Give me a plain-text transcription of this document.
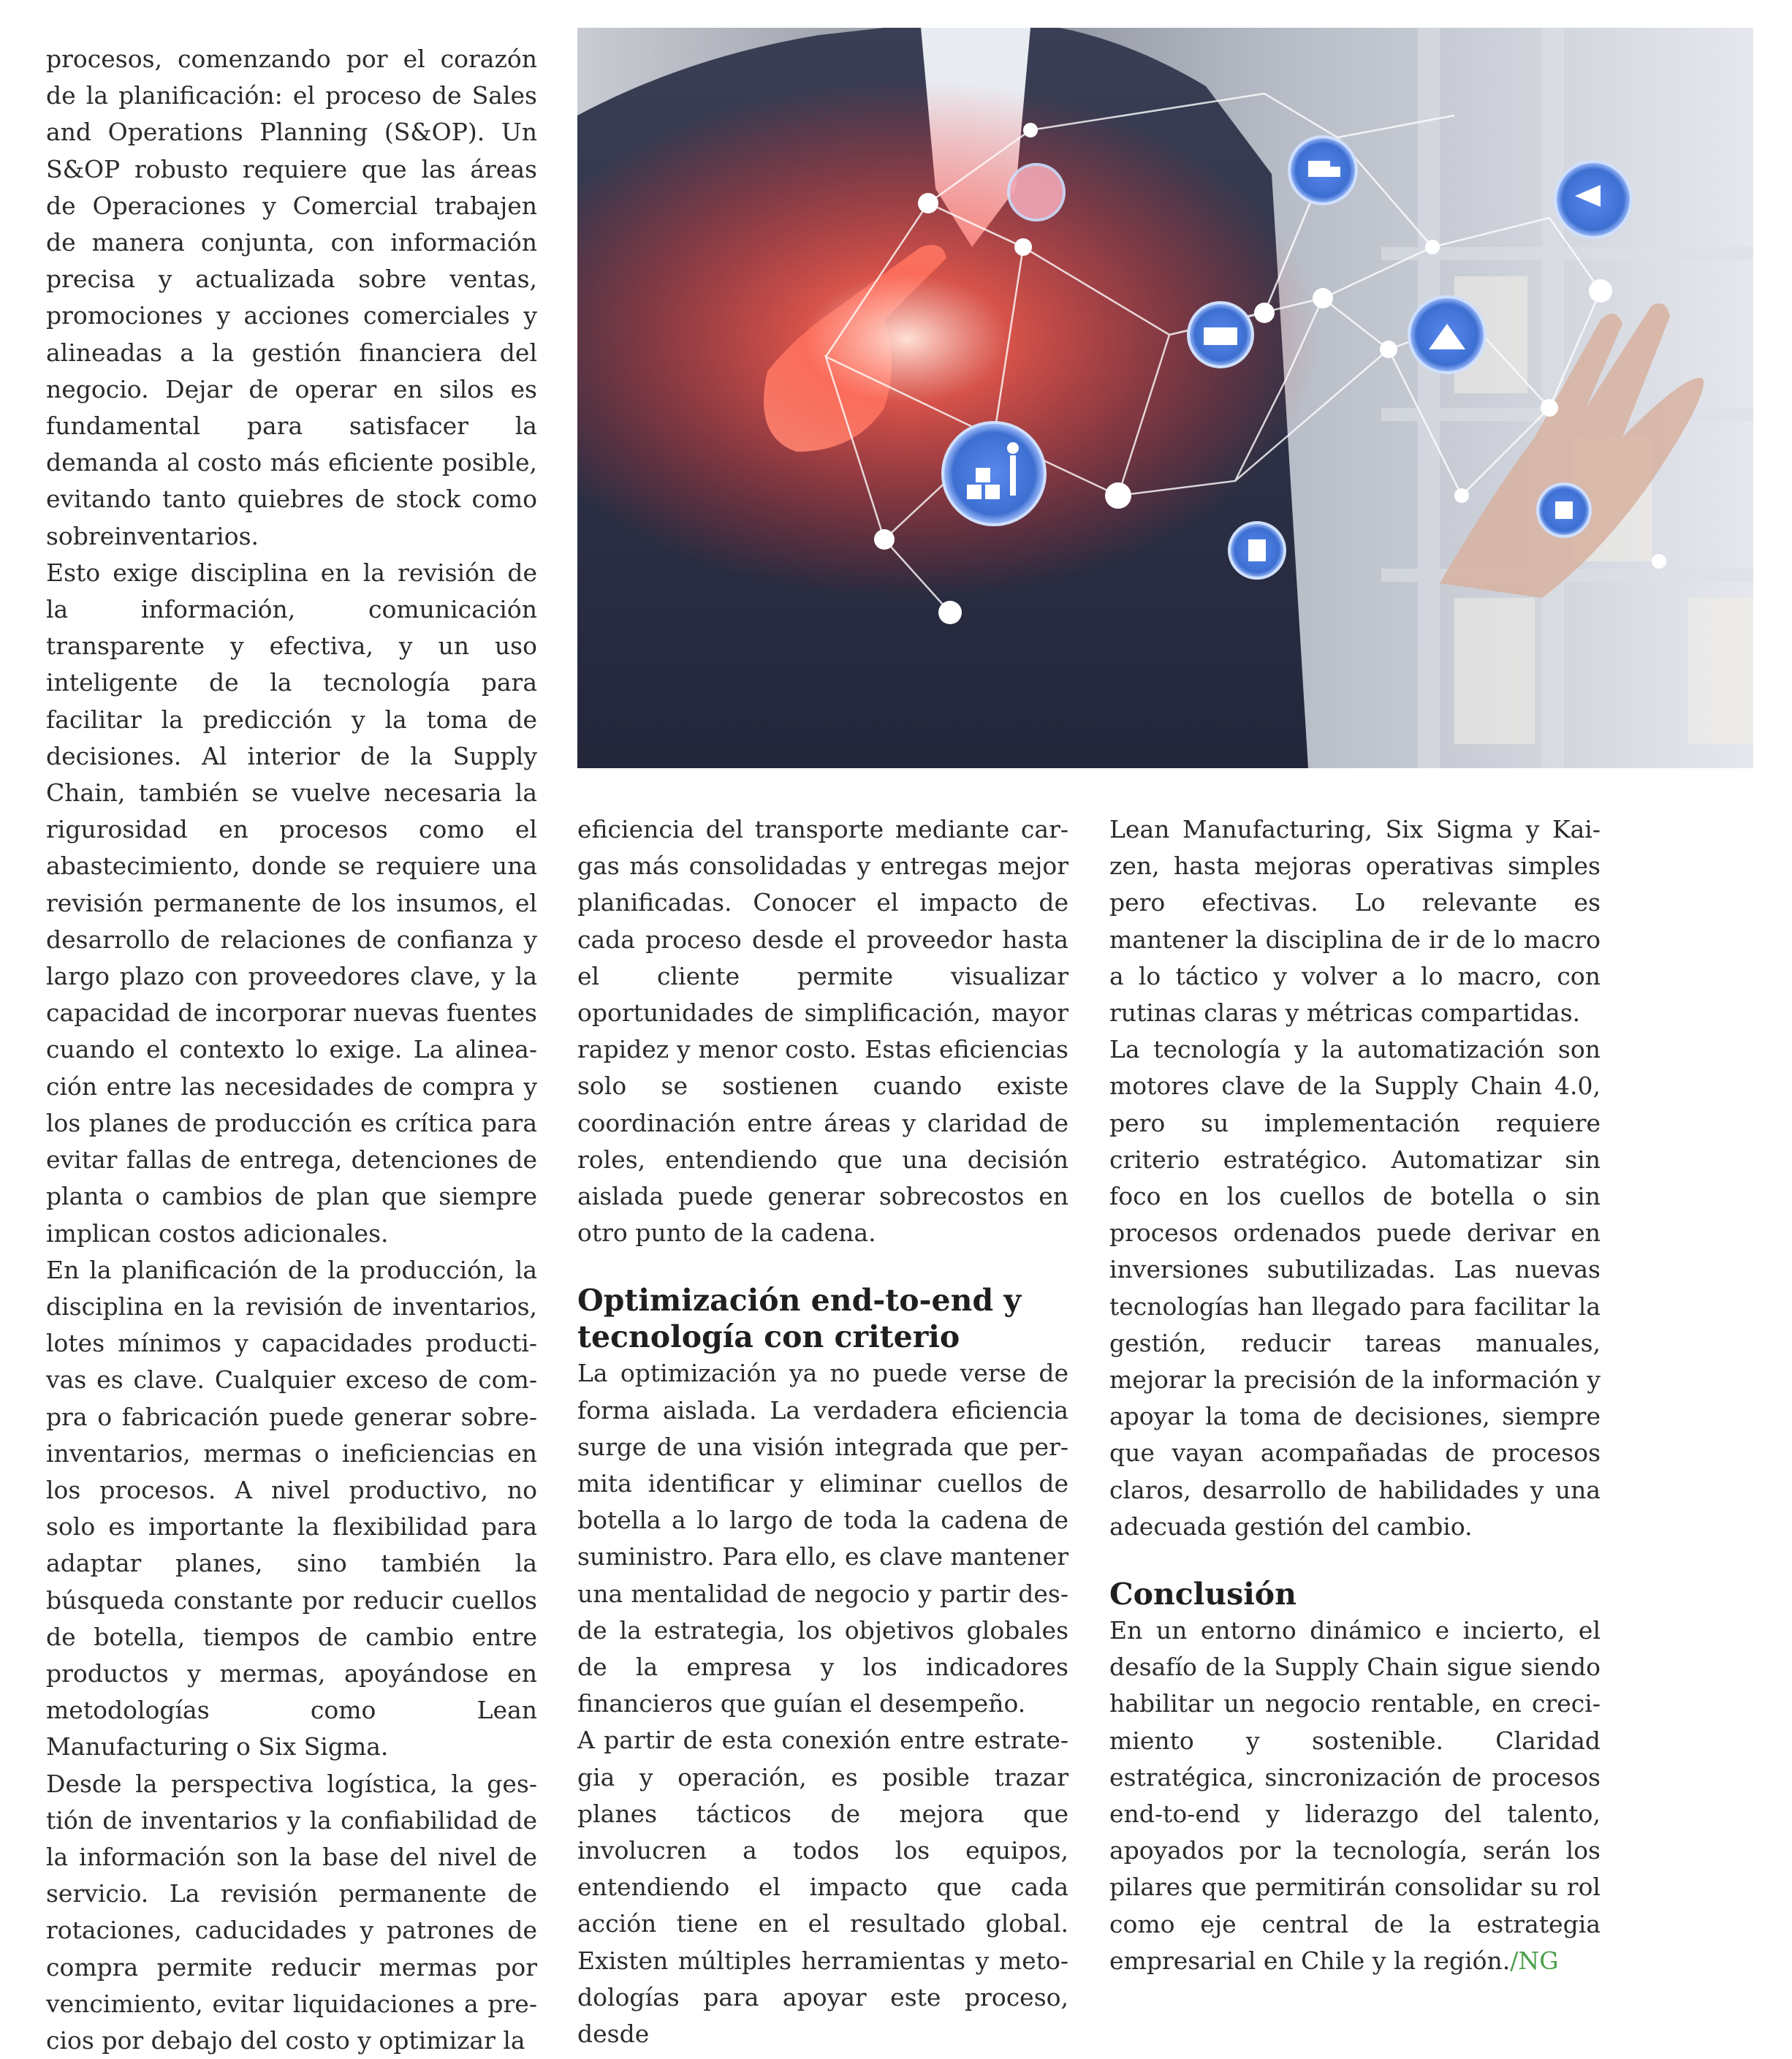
procesos, comenzando por el corazón de la planificación: el proceso de Sales and Operations Planning (S&OP). Un S&OP robusto requiere que las áreas de Operaciones y Comercial trabajen de manera conjunta, con información precisa y actualizada sobre ventas, promociones y acciones comerciales y alineadas a la gestión financiera del negocio. Dejar de operar en silos es fundamental para satisfacer la demanda al costo más eficiente posible, evitando tanto quiebres de stock como sobreinventarios.

Esto exige disciplina en la revisión de la información, comunicación transparente y efectiva, y un uso inteligente de la tecnología para facilitar la predicción y la toma de decisiones. Al interior de la Supply Chain, también se vuelve necesaria la rigurosidad en procesos como el abastecimiento, donde se requiere una revisión permanente de los insumos, el desarrollo de relaciones de confianza y largo plazo con proveedores clave, y la capacidad de incorporar nuevas fuentes cuando el contexto lo exige. La alineación entre las necesidades de compra y los planes de producción es crítica para evitar fallas de entrega, detenciones de planta o cambios de plan que siempre implican costos adicionales.

En la planificación de la producción, la disciplina en la revisión de inventarios, lotes mínimos y capacidades productivas es clave. Cualquier exceso de compra o fabricación puede generar sobreinventarios, mermas o ineficiencias en los procesos. A nivel productivo, no solo es importante la flexibilidad para adaptar planes, sino también la búsqueda constante por reducir cuellos de botella, tiempos de cambio entre productos y mermas, apoyándose en metodologías como Lean Manufacturing o Six Sigma.

Desde la perspectiva logística, la gestión de inventarios y la confiabilidad de la información son la base del nivel de servicio. La revisión permanente de rotaciones, caducidades y patrones de compra permite reducir mermas por vencimiento, evitar liquidaciones a precios por debajo del costo y optimizar la

eficiencia del transporte mediante cargas más consolidadas y entregas mejor planificadas. Conocer el impacto de cada proceso desde el proveedor hasta el cliente permite visualizar oportunidades de simplificación, mayor rapidez y menor costo. Estas eficiencias solo se sostienen cuando existe coordinación entre áreas y claridad de roles, entendiendo que una decisión aislada puede generar sobrecostos en otro punto de la cadena.

Optimización end-to-end y
tecnología con criterio

La optimización ya no puede verse de forma aislada. La verdadera eficiencia surge de una visión integrada que permita identificar y eliminar cuellos de botella a lo largo de toda la cadena de suministro. Para ello, es clave mantener una mentalidad de negocio y partir desde la estrategia, los objetivos globales de la empresa y los indicadores financieros que guían el desempeño.

A partir de esta conexión entre estrategia y operación, es posible trazar planes tácticos de mejora que involucren a todos los equipos, entendiendo el impacto que cada acción tiene en el resultado global. Existen múltiples herramientas y metodologías para apoyar este proceso, desde

Lean Manufacturing, Six Sigma y Kaizen, hasta mejoras operativas simples pero efectivas. Lo relevante es mantener la disciplina de ir de lo macro a lo táctico y volver a lo macro, con rutinas claras y métricas compartidas.

La tecnología y la automatización son motores clave de la Supply Chain 4.0, pero su implementación requiere criterio estratégico. Automatizar sin foco en los cuellos de botella o sin procesos ordenados puede derivar en inversiones subutilizadas. Las nuevas tecnologías han llegado para facilitar la gestión, reducir tareas manuales, mejorar la precisión de la información y apoyar la toma de decisiones, siempre que vayan acompañadas de procesos claros, desarrollo de habilidades y una adecuada gestión del cambio.

Conclusión

En un entorno dinámico e incierto, el desafío de la Supply Chain sigue siendo habilitar un negocio rentable, en crecimiento y sostenible. Claridad estratégica, sincronización de procesos end-to-end y liderazgo del talento, apoyados por la tecnología, serán los pilares que permitirán consolidar su rol como eje central de la estrategia empresarial en Chile y la región./NG
